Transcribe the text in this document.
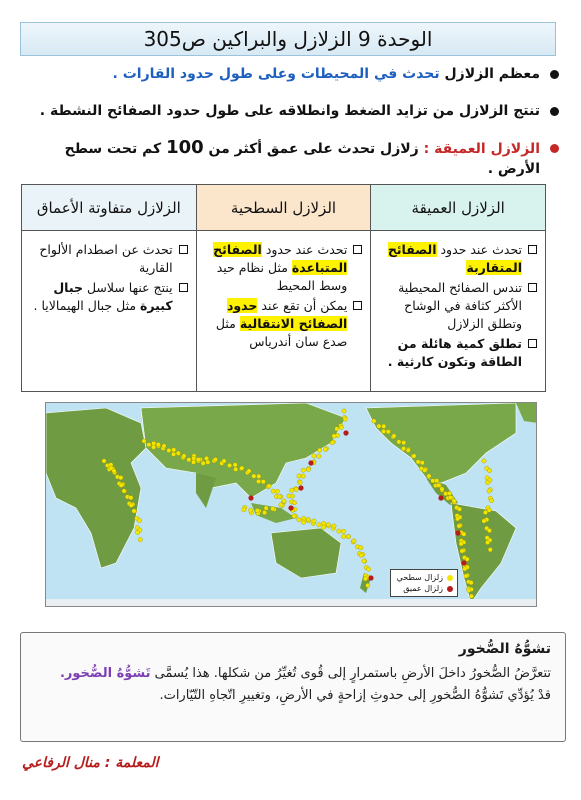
الوحدة 9 الزلازل والبراكين ص305
معظم الزلازل تحدث في المحيطات وعلى طول حدود القارات .
تنتج الزلازل من تزايد الضغط وانطلاقه على طول حدود الصفائح النشطة .
الزلازل العميقة : زلازل تحدث على عمق أكثر من 100 كم تحت سطح الأرض .
الزلازل العميقة
تحدث عند حدود الصفائح المتقاربة
تندس الصفائح المحيطية الأكثر كثافة في الوشاح وتطلق الزلازل
تطلق كمية هائلة من الطاقة وتكون كارثية .
الزلازل السطحية
تحدث عند حدود الصفائح المتباعدة مثل نظام حيد وسط المحيط
يمكن أن تقع عند حدود الصفائح الانتقالية مثل صدع سان أندرياس
الزلازل متفاوتة الأعماق
تحدث عن اصطدام الألواح القارية
ينتج عنها سلاسل جبال كبيرة مثل جبال الهيمالايا .
زلزال سطحي
زلزال عميق
تشوُّهُ الصُّخور
تتعرَّضُ الصُّخورُ داخلَ الأرضِ باستمرارٍ إلى قُوى تُغيِّرُ من شكلها. هذا يُسمَّى تَشوُّهُ الصُّخور.
قدْ يُؤدِّي تَشوُّهُ الصُّخورِ إلى حدوثِ إزاحةٍ في الأرضِ، وتغييرِ اتّجاهِ التّيّارات.
المعلمة : منال الرفاعي
